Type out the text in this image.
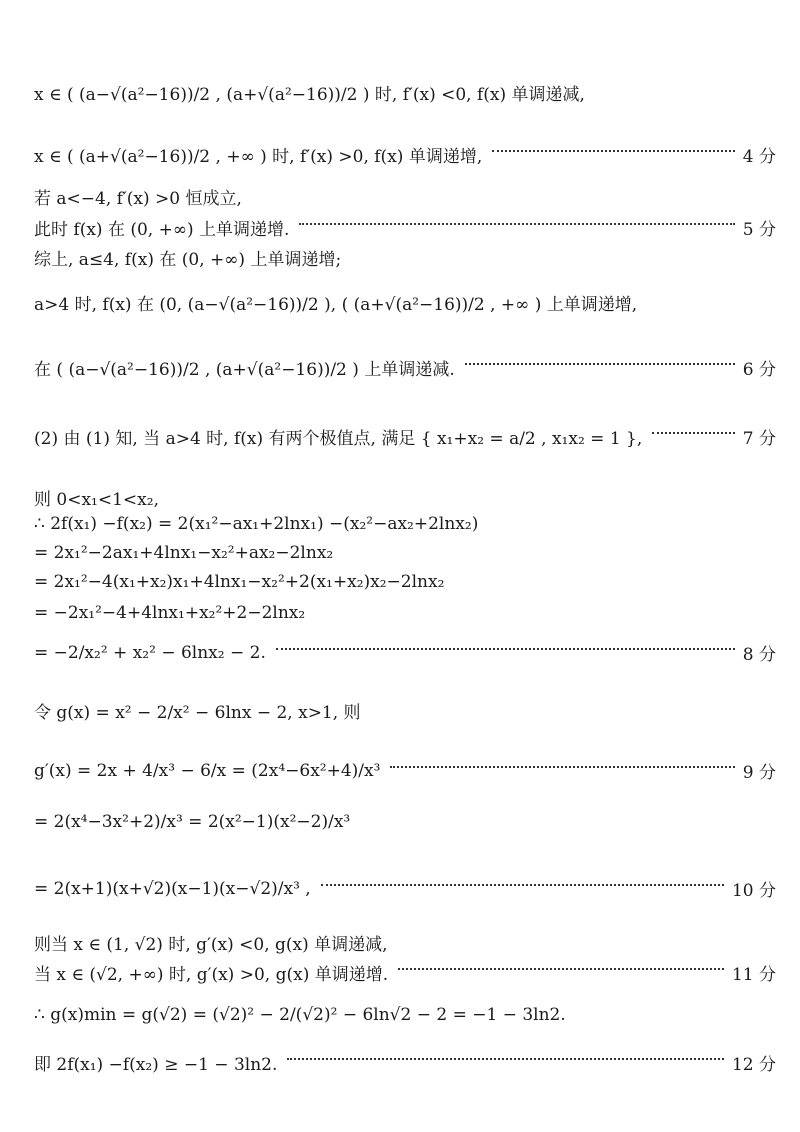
x ∈ ( (a−√(a²−16))/2 , (a+√(a²−16))/2 ) 时, f′(x) <0, f(x) 单调递减,
x ∈ ( (a+√(a²−16))/2 , +∞ ) 时, f′(x) >0, f(x) 单调递增,	4 分
若 a<−4, f′(x) >0 恒成立,
此时 f(x) 在 (0, +∞) 上单调递增.	5 分
综上, a≤4, f(x) 在 (0, +∞) 上单调递增;
a>4 时, f(x) 在 (0, (a−√(a²−16))/2 ), ( (a+√(a²−16))/2 , +∞ ) 上单调递增,
在 ( (a−√(a²−16))/2 , (a+√(a²−16))/2 ) 上单调递减.	6 分
(2) 由 (1) 知, 当 a>4 时, f(x) 有两个极值点, 满足 { x₁+x₂ = a/2 , x₁x₂ = 1 },	7 分
则 0<x₁<1<x₂,
∴ 2f(x₁) −f(x₂) = 2(x₁²−ax₁+2lnx₁) −(x₂²−ax₂+2lnx₂)
= 2x₁²−2ax₁+4lnx₁−x₂²+ax₂−2lnx₂
= 2x₁²−4(x₁+x₂)x₁+4lnx₁−x₂²+2(x₁+x₂)x₂−2lnx₂
= −2x₁²−4+4lnx₁+x₂²+2−2lnx₂
= −2/x₂² + x₂² − 6lnx₂ − 2.	8 分
令 g(x) = x² − 2/x² − 6lnx − 2, x>1, 则
g′(x) = 2x + 4/x³ − 6/x = (2x⁴−6x²+4)/x³	9 分
= 2(x⁴−3x²+2)/x³ = 2(x²−1)(x²−2)/x³
= 2(x+1)(x+√2)(x−1)(x−√2)/x³ ,	10 分
则当 x ∈ (1, √2) 时, g′(x) <0, g(x) 单调递减,
当 x ∈ (√2, +∞) 时, g′(x) >0, g(x) 单调递增.	11 分
∴ g(x)min = g(√2) = (√2)² − 2/(√2)² − 6ln√2 − 2 = −1 − 3ln2.
即 2f(x₁) −f(x₂) ≥ −1 − 3ln2.	12 分
